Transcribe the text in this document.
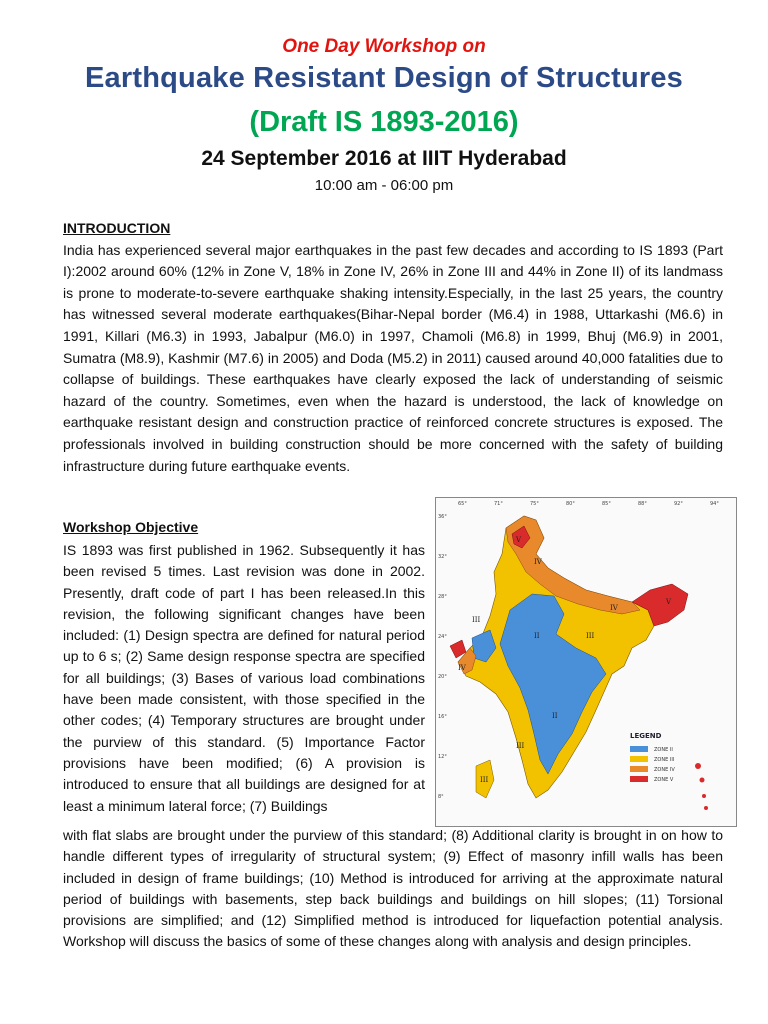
One Day Workshop on
Earthquake Resistant Design of Structures
(Draft IS 1893-2016)
24 September 2016 at IIIT Hyderabad
10:00 am - 06:00 pm
INTRODUCTION

India has experienced several major earthquakes in the past few decades and according to IS 1893 (Part I):2002 around 60% (12% in Zone V, 18% in Zone IV, 26% in Zone III and 44% in Zone II) of its landmass is prone to moderate-to-severe earthquake shaking intensity.Especially, in the last 25 years, the country has witnessed several moderate earthquakes(Bihar-Nepal border (M6.4) in 1988, Uttarkashi (M6.6) in 1991, Killari (M6.3) in 1993, Jabalpur (M6.0) in 1997, Chamoli (M6.8) in 1999, Bhuj (M6.9) in 2001, Sumatra (M8.9), Kashmir (M7.6) in 2005) and Doda (M5.2) in 2011) caused around 40,000 fatalities due to collapse of buildings. These earthquakes have clearly exposed the lack of understanding of seismic hazard of the country. Sometimes, even when the hazard is understood, the lack of knowledge on earthquake resistant design and construction practice of reinforced concrete structures is exposed. The professionals involved in building construction should be more concerned with the safety of building infrastructure during future earthquake events.

Workshop Objective

IS 1893 was first published in 1962. Subsequently it has been revised 5 times. Last revision was done in 2002. Presently, draft code of part I has been released.In this revision, the following significant changes have been included: (1) Design spectra are defined for natural period up to 6 s; (2) Same design response spectra are specified for all buildings; (3) Bases of various load combinations have been made consistent, with those specified in the other codes; (4) Temporary structures are brought under the purview of this standard. (5) Importance Factor provisions have been modified; (6) A provision is introduced to ensure that all buildings are designed for at least a minimum lateral force; (7) Buildings

with flat slabs are brought under the purview of this standard; (8) Additional clarity is brought in on how to handle different types of irregularity of structural system; (9) Effect of masonry infill walls has been included in design of frame buildings; (10) Method is introduced for arriving at the approximate natural period of buildings with basements, step back buildings and buildings on hill slopes; (11) Torsional provisions are simplified; and (12) Simplified method is introduced for liquefaction potential analysis. Workshop will discuss the basics of some of these changes along with analysis and design principles.

65°	71°	75°	80°	85°	88°	92°	94°
36°
32°
28°
24°
20°
16°
12°
8°
V
IV
III
II	III
IV
V
II
III
IV
III
LEGEND
ZONE II
ZONE III
ZONE IV
ZONE V
